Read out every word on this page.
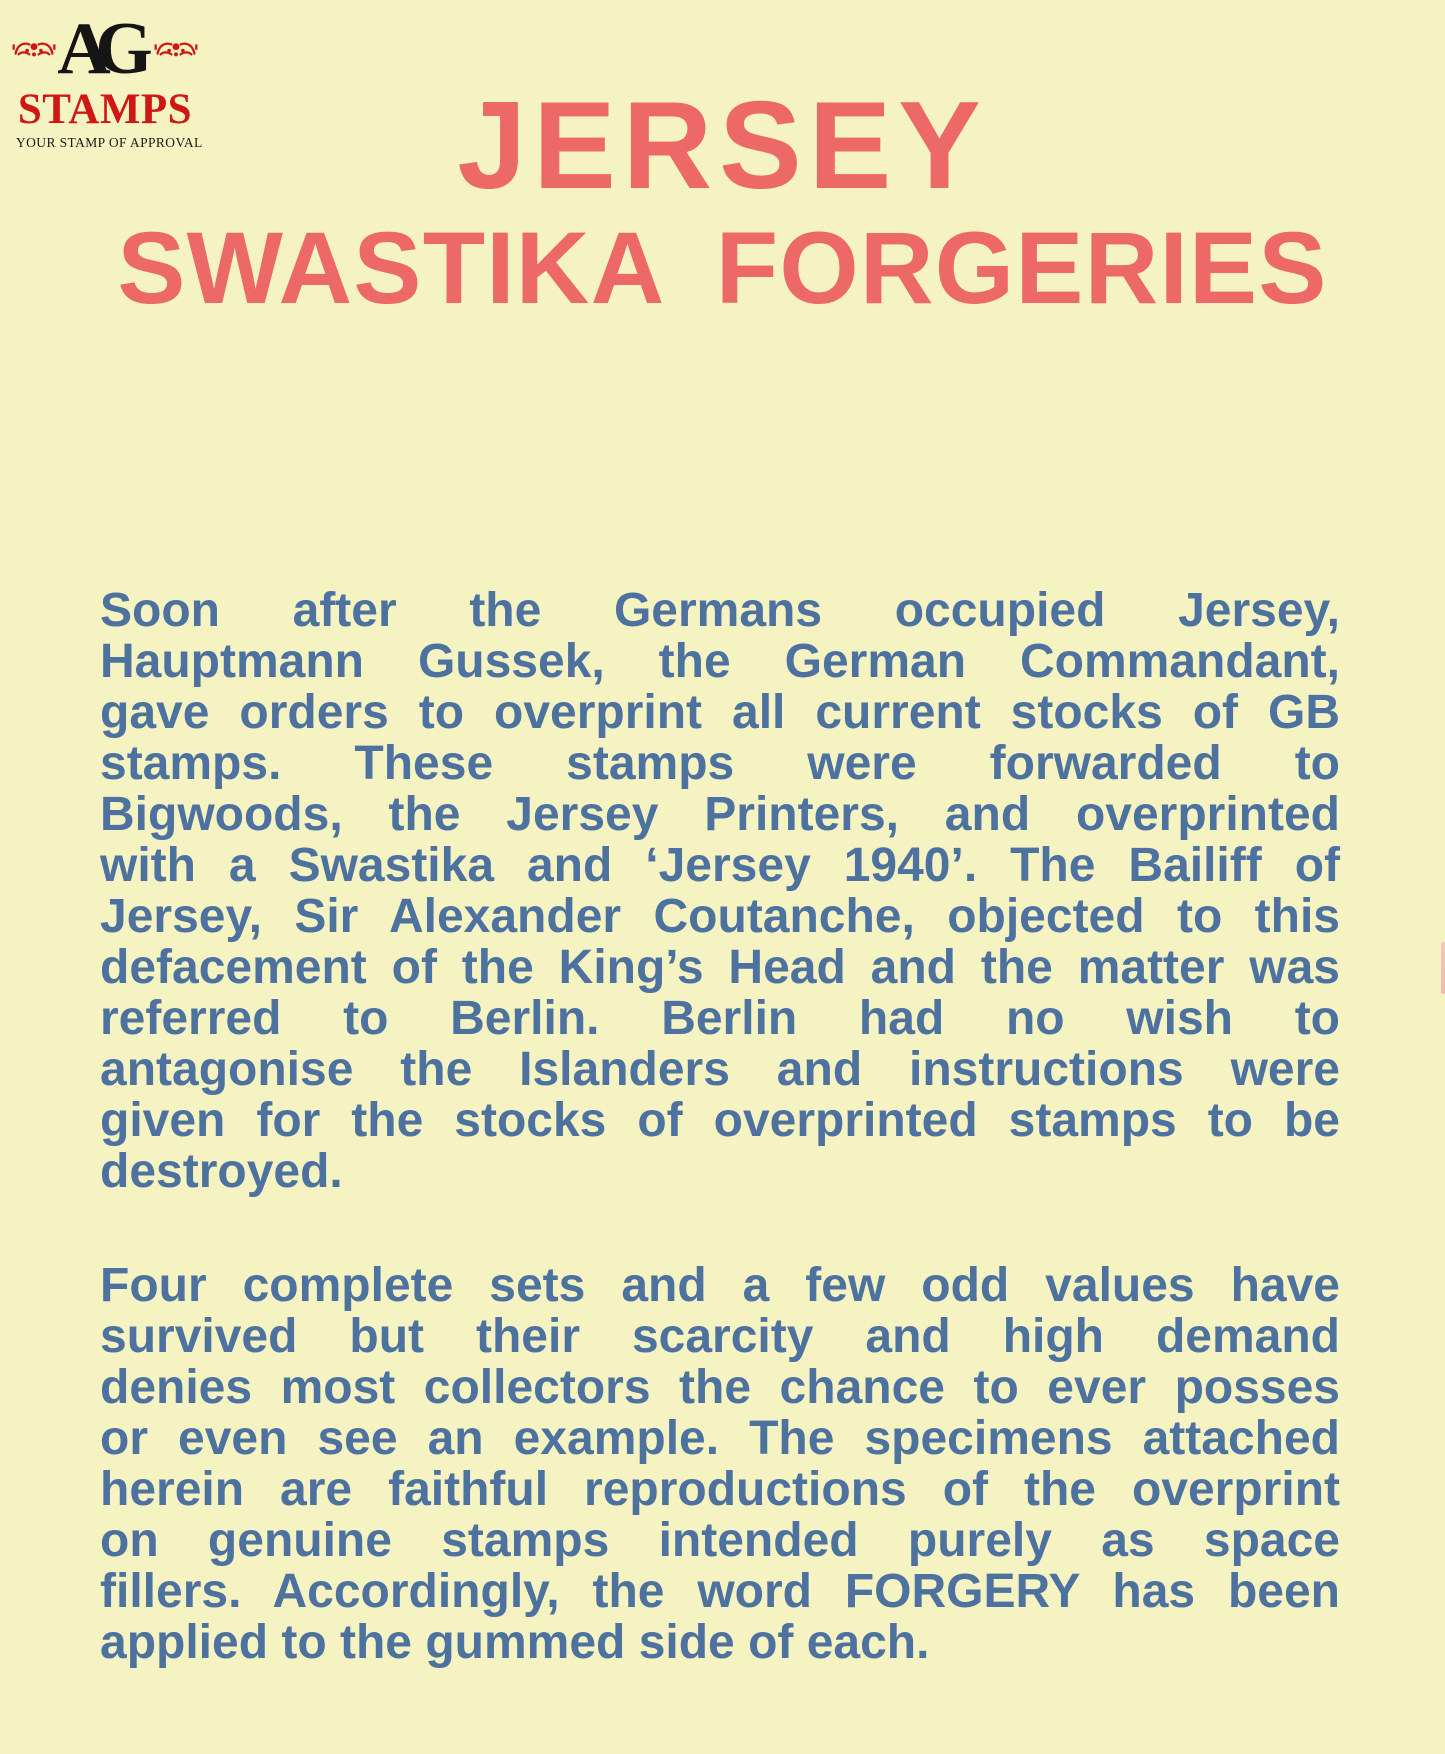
AG
STAMPS
YOUR STAMP OF APPROVAL	JERSEY
SWASTIKA FORGERIES
Soon after the Germans occupied Jersey,
Hauptmann Gussek, the German Commandant,
gave orders to overprint all current stocks of GB
stamps. These stamps were forwarded to
Bigwoods, the Jersey Printers, and overprinted
with a Swastika and ‘Jersey 1940’. The Bailiff of
Jersey, Sir Alexander Coutanche, objected to this
defacement of the King’s Head and the matter was
referred to Berlin. Berlin had no wish to
antagonise the Islanders and instructions were
given for the stocks of overprinted stamps to be
destroyed.
Four complete sets and a few odd values have
survived but their scarcity and high demand
denies most collectors the chance to ever posses
or even see an example. The specimens attached
herein are faithful reproductions of the overprint
on genuine stamps intended purely as space
fillers. Accordingly, the word FORGERY has been
applied to the gummed side of each.
